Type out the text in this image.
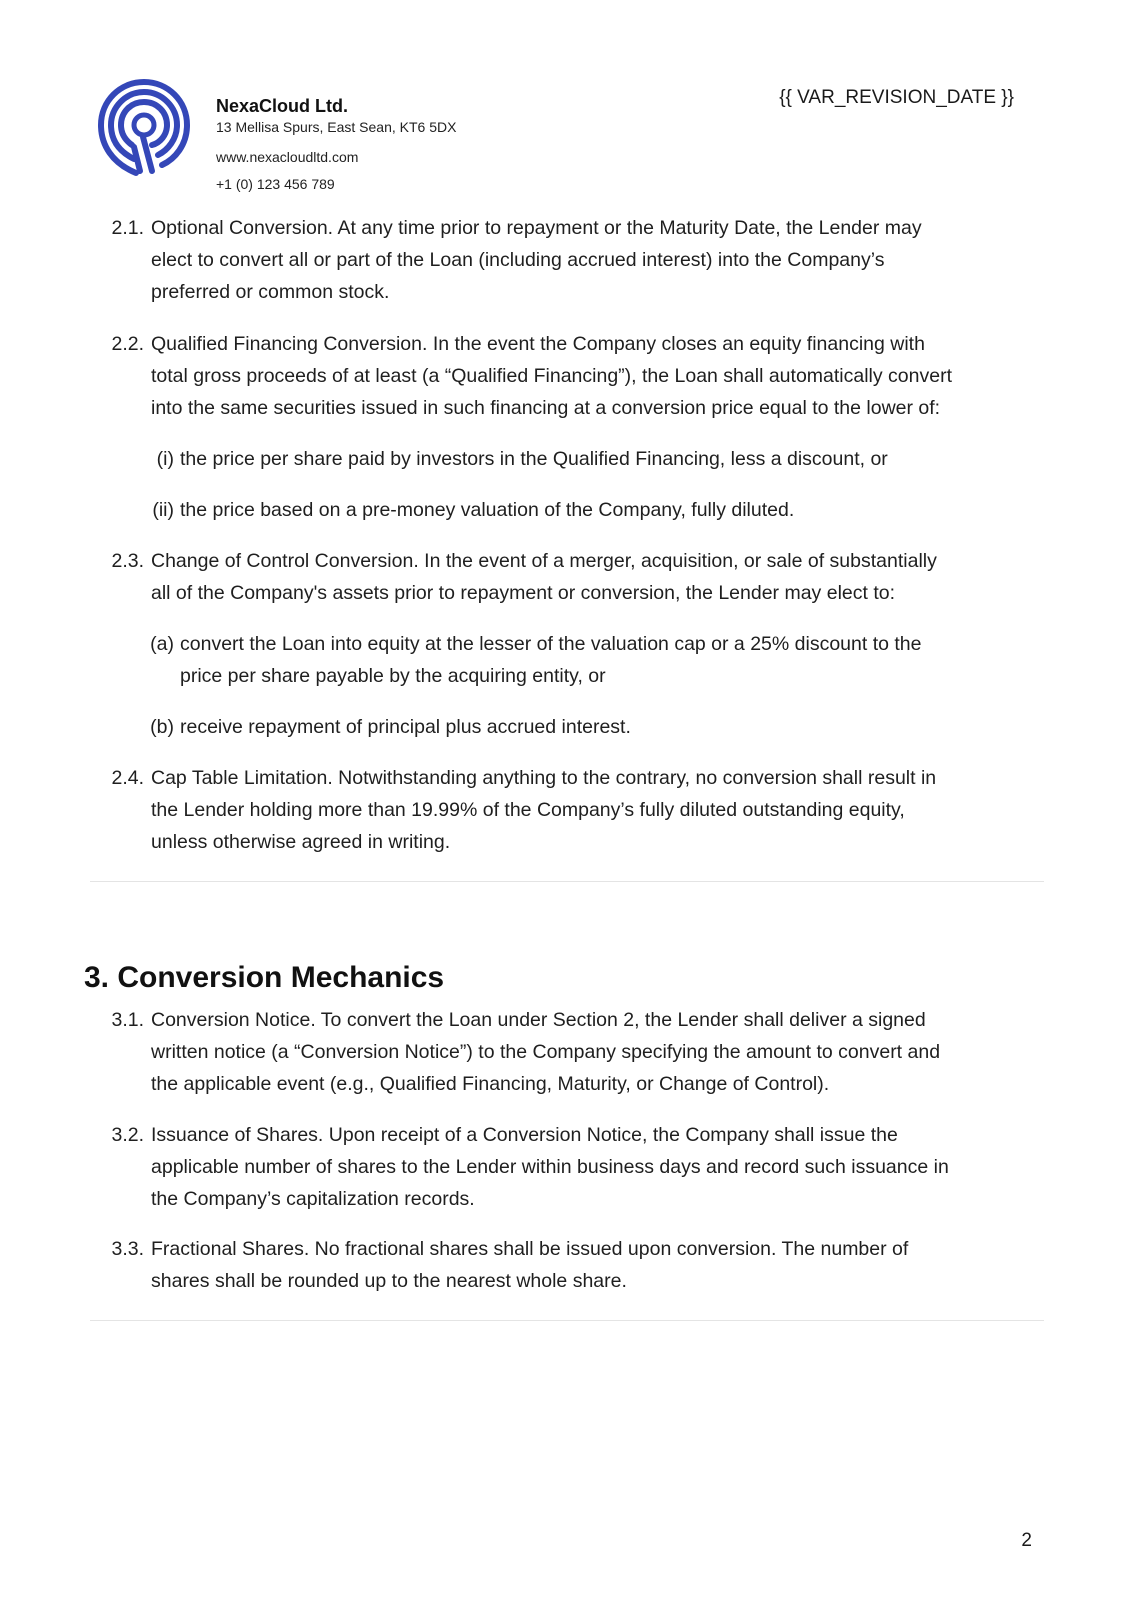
NexaCloud Ltd.
13 Mellisa Spurs, East Sean, KT6 5DX
www.nexacloudltd.com
+1 (0) 123 456 789
{{ VAR_REVISION_DATE }}
2.1. Optional Conversion. At any time prior to repayment or the Maturity Date, the Lender may
elect to convert all or part of the Loan (including accrued interest) into the Company’s
preferred or common stock.
2.2. Qualified Financing Conversion. In the event the Company closes an equity financing with
total gross proceeds of at least (a “Qualified Financing”), the Loan shall automatically convert
into the same securities issued in such financing at a conversion price equal to the lower of:
(i) the price per share paid by investors in the Qualified Financing, less a discount, or
(ii) the price based on a pre-money valuation of the Company, fully diluted.
2.3. Change of Control Conversion. In the event of a merger, acquisition, or sale of substantially
all of the Company's assets prior to repayment or conversion, the Lender may elect to:
(a) convert the Loan into equity at the lesser of the valuation cap or a 25% discount to the
price per share payable by the acquiring entity, or
(b) receive repayment of principal plus accrued interest.
2.4. Cap Table Limitation. Notwithstanding anything to the contrary, no conversion shall result in
the Lender holding more than 19.99% of the Company’s fully diluted outstanding equity,
unless otherwise agreed in writing.
3. Conversion Mechanics
3.1. Conversion Notice. To convert the Loan under Section 2, the Lender shall deliver a signed
written notice (a “Conversion Notice”) to the Company specifying the amount to convert and
the applicable event (e.g., Qualified Financing, Maturity, or Change of Control).
3.2. Issuance of Shares. Upon receipt of a Conversion Notice, the Company shall issue the
applicable number of shares to the Lender within business days and record such issuance in
the Company’s capitalization records.
3.3. Fractional Shares. No fractional shares shall be issued upon conversion. The number of
shares shall be rounded up to the nearest whole share.
2
